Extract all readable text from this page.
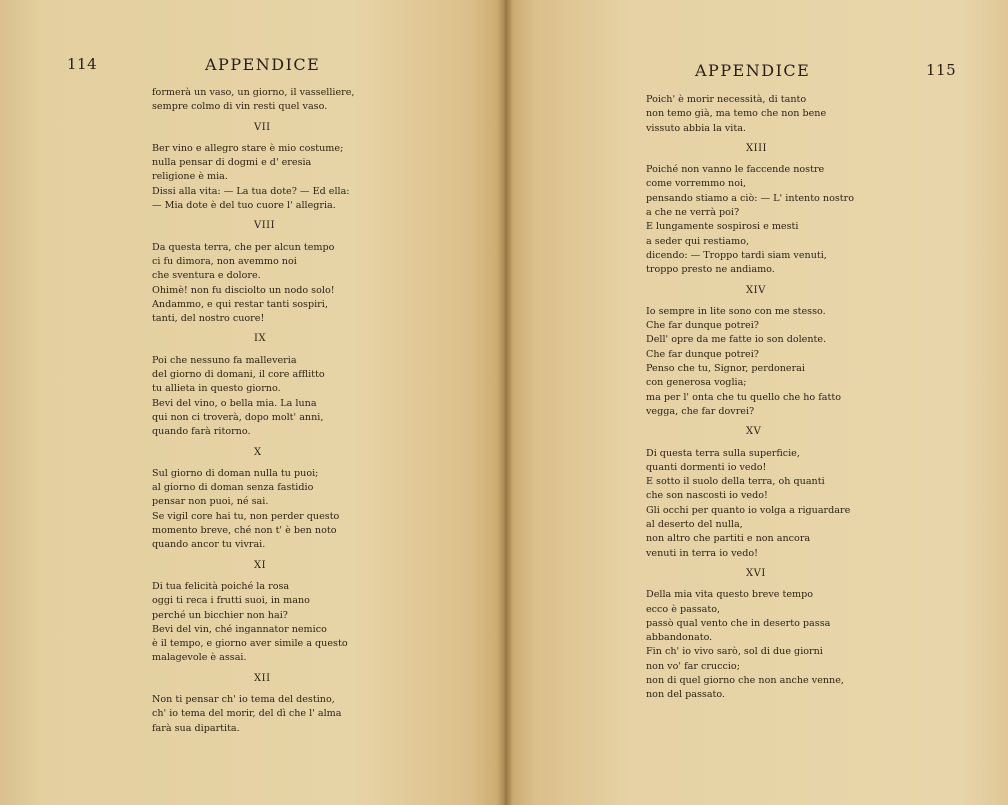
114	APPENDICE
formerà un vaso, un giorno, il vasselliere,
sempre colmo di vin resti quel vaso.
VII
Ber vino e allegro stare è mio costume;
nulla pensar di dogmi e d' eresia
religione è mia.
Dissi alla vita: — La tua dote? — Ed ella:
— Mia dote è del tuo cuore l' allegria.
VIII
Da questa terra, che per alcun tempo
ci fu dimora, non avemmo noi
che sventura e dolore.
Ohimè! non fu disciolto un nodo solo!
Andammo, e qui restar tanti sospiri,
tanti, del nostro cuore!
IX
Poi che nessuno fa malleveria
del giorno di domani, il core afflitto
tu allieta in questo giorno.
Bevi del vino, o bella mia. La luna
qui non ci troverà, dopo molt' anni,
quando farà ritorno.
X
Sul giorno di doman nulla tu puoi;
al giorno di doman senza fastidio
pensar non puoi, né sai.
Se vigil core hai tu, non perder questo
momento breve, ché non t' è ben noto
quando ancor tu vivrai.
XI
Di tua felicità poiché la rosa
oggi ti reca i frutti suoi, in mano
perché un bicchier non hai?
Bevi del vin, ché ingannator nemico
è il tempo, e giorno aver simile a questo
malagevole è assai.
XII
Non ti pensar ch' io tema del destino,
ch' io tema del morir, del dì che l' alma
farà sua dipartita.
APPENDICE	115
Poich' è morir necessità, di tanto
non temo già, ma temo che non bene
vissuto abbia la vita.
XIII
Poiché non vanno le faccende nostre
come vorremmo noi,
pensando stiamo a ciò: — L' intento nostro
a che ne verrà poi?
E lungamente sospirosi e mesti
a seder qui restiamo,
dicendo: — Troppo tardi siam venuti,
troppo presto ne andiamo.
XIV
Io sempre in lite sono con me stesso.
Che far dunque potrei?
Dell' opre da me fatte io son dolente.
Che far dunque potrei?
Penso che tu, Signor, perdonerai
con generosa voglia;
ma per l' onta che tu quello che ho fatto
vegga, che far dovrei?
XV
Di questa terra sulla superficie,
quanti dormenti io vedo!
E sotto il suolo della terra, oh quanti
che son nascosti io vedo!
Gli occhi per quanto io volga a riguardare
al deserto del nulla,
non altro che partiti e non ancora
venuti in terra io vedo!
XVI
Della mia vita questo breve tempo
ecco è passato,
passò qual vento che in deserto passa
abbandonato.
Fin ch' io vivo sarò, sol di due giorni
non vo' far cruccio;
non di quel giorno che non anche venne,
non del passato.
